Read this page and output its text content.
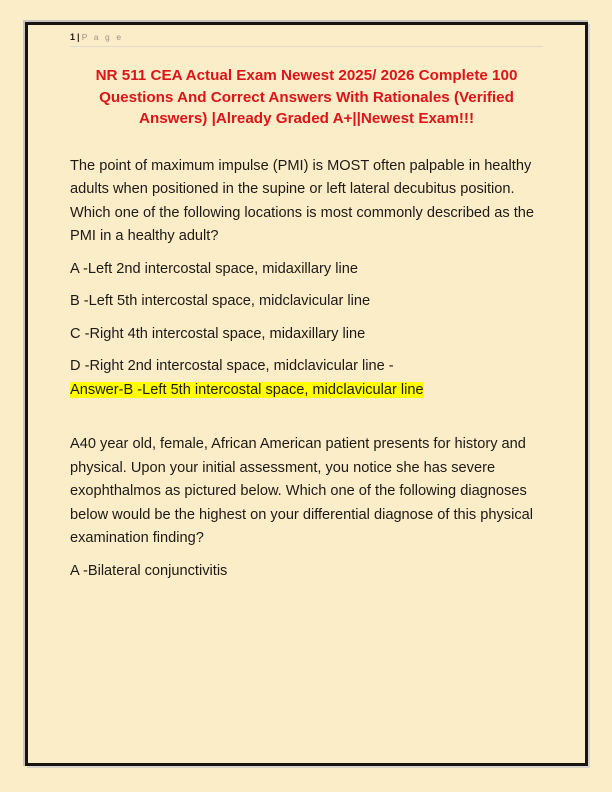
1 | P a g e
NR 511 CEA Actual Exam Newest 2025/ 2026 Complete 100 Questions And Correct Answers With Rationales (Verified Answers) |Already Graded A+||Newest Exam!!!

The point of maximum impulse (PMI) is MOST often palpable in healthy adults when positioned in the supine or left lateral decubitus position. Which one of the following locations is most commonly described as the PMI in a healthy adult?

A -Left 2nd intercostal space, midaxillary line

B -Left 5th intercostal space, midclavicular line

C -Right 4th intercostal space, midaxillary line

D -Right 2nd intercostal space, midclavicular line -
Answer-B -Left 5th intercostal space, midclavicular line

A40 year old, female, African American patient presents for history and physical. Upon your initial assessment, you notice she has severe exophthalmos as pictured below. Which one of the following diagnoses below would be the highest on your differential diagnose of this physical examination finding?

A -Bilateral conjunctivitis
